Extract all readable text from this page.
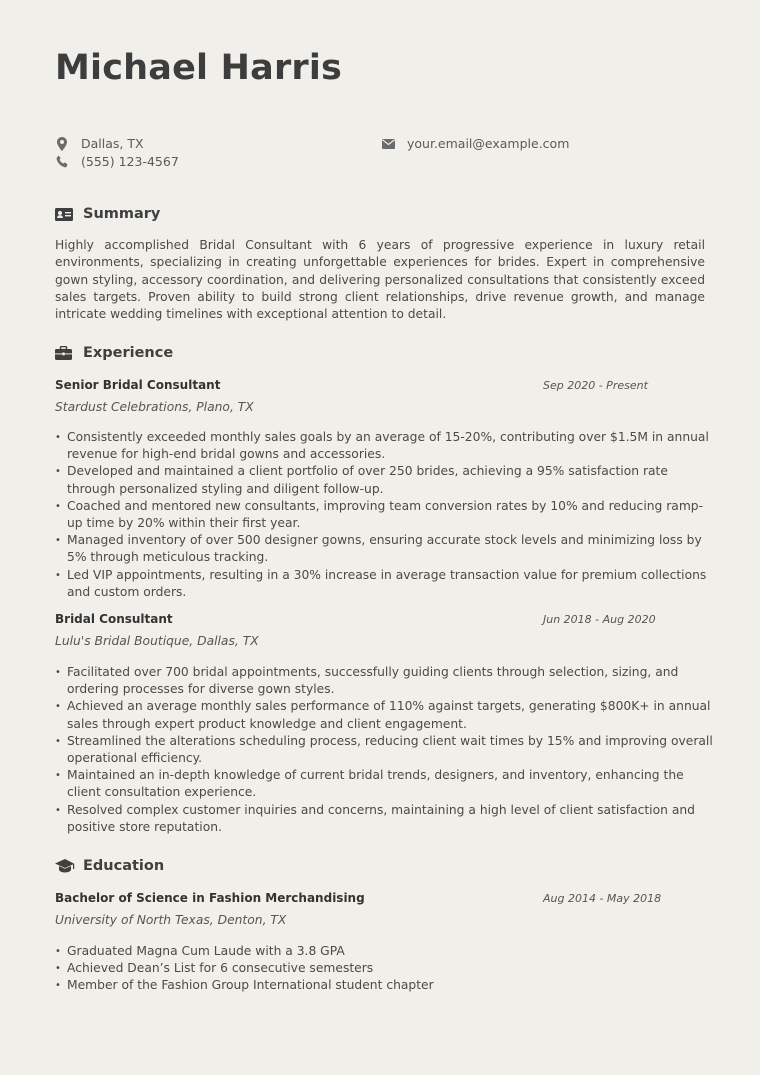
Michael Harris
Dallas, TX
(555) 123-4567
your.email@example.com
Summary

Highly accomplished Bridal Consultant with 6 years of progressive experience in luxury retail environments, specializing in creating unforgettable experiences for brides. Expert in comprehensive gown styling, accessory coordination, and delivering personalized consultations that consistently exceed sales targets. Proven ability to build strong client relationships, drive revenue growth, and manage intricate wedding timelines with exceptional attention to detail.

Experience
Senior Bridal Consultant	Sep 2020 - Present
Stardust Celebrations, Plano, TX
• Consistently exceeded monthly sales goals by an average of 15-20%, contributing over $1.5M in annual revenue for high-end bridal gowns and accessories.
• Developed and maintained a client portfolio of over 250 brides, achieving a 95% satisfaction rate through personalized styling and diligent follow-up.
• Coached and mentored new consultants, improving team conversion rates by 10% and reducing ramp-up time by 20% within their first year.
• Managed inventory of over 500 designer gowns, ensuring accurate stock levels and minimizing loss by 5% through meticulous tracking.
• Led VIP appointments, resulting in a 30% increase in average transaction value for premium collections and custom orders.
Bridal Consultant	Jun 2018 - Aug 2020
Lulu's Bridal Boutique, Dallas, TX
• Facilitated over 700 bridal appointments, successfully guiding clients through selection, sizing, and ordering processes for diverse gown styles.
• Achieved an average monthly sales performance of 110% against targets, generating $800K+ in annual sales through expert product knowledge and client engagement.
• Streamlined the alterations scheduling process, reducing client wait times by 15% and improving overall operational efficiency.
• Maintained an in-depth knowledge of current bridal trends, designers, and inventory, enhancing the client consultation experience.
• Resolved complex customer inquiries and concerns, maintaining a high level of client satisfaction and positive store reputation.
Education
Bachelor of Science in Fashion Merchandising	Aug 2014 - May 2018
University of North Texas, Denton, TX
• Graduated Magna Cum Laude with a 3.8 GPA
• Achieved Dean’s List for 6 consecutive semesters
• Member of the Fashion Group International student chapter
